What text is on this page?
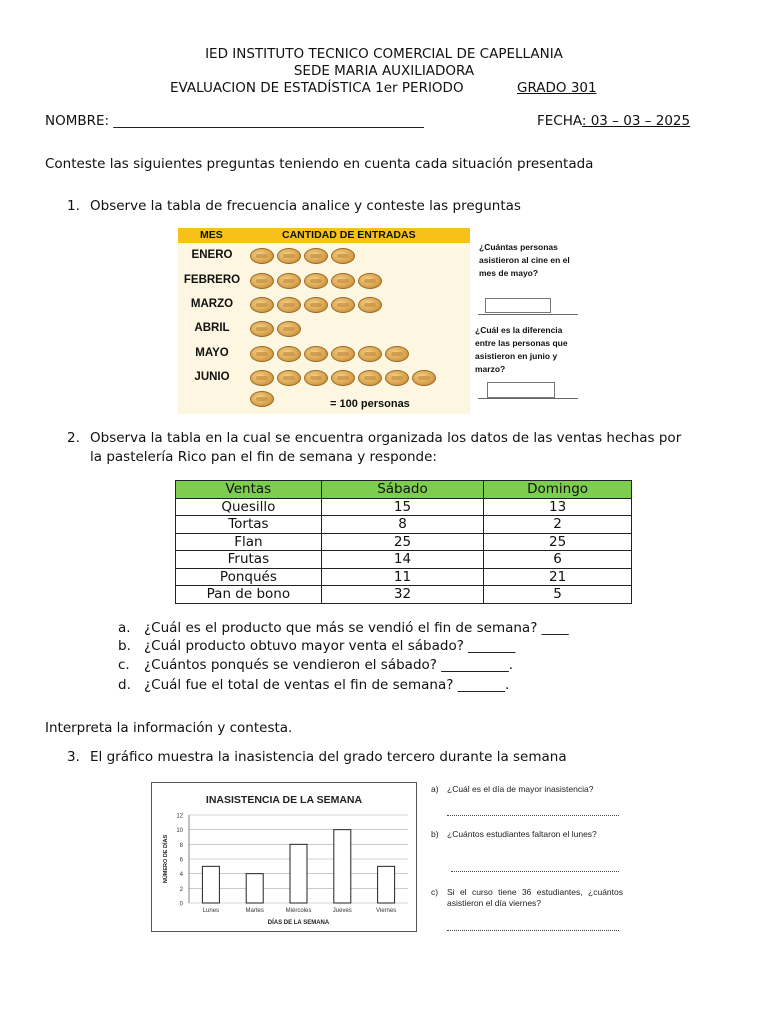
IED INSTITUTO TECNICO COMERCIAL DE CAPELLANIA
SEDE MARIA AUXILIADORA
EVALUACION DE ESTADÍSTICA 1er PERIODO	GRADO 301
NOMBRE: ______________________________________________	FECHA: 03 – 03 – 2025
Conteste las siguientes preguntas teniendo en cuenta cada situación presentada
1. Observe la tabla de frecuencia analice y conteste las preguntas
MES	CANTIDAD DE ENTRADAS
ENERO
FEBRERO
MARZO
ABRIL
MAYO
JUNIO
= 100 personas
¿Cuántas personas asistieron al cine en el mes de mayo?
¿Cuál es la diferencia entre las personas que asistieron en junio y marzo?
2. Observa la tabla en la cual se encuentra organizada los datos de las ventas hechas por
la pastelería Rico pan el fin de semana y responde:
Ventas	Sábado	Domingo
Quesillo	15	13
Tortas	8	2
Flan	25	25
Frutas	14	6
Ponqués	11	21
Pan de bono	32	5
a. ¿Cuál es el producto que más se vendió el fin de semana? ____
b. ¿Cuál producto obtuvo mayor venta el sábado? _______
c. ¿Cuántos ponqués se vendieron el sábado? __________.
d. ¿Cuál fue el total de ventas el fin de semana? _______.
Interpreta la información y contesta.
3. El gráfico muestra la inasistencia del grado tercero durante la semana
INASISTENCIA DE LA SEMANA
0
2
4
6
8
10
12
Lunes	Martes	Miércoles	Jueves	Viernes
DÍAS DE LA SEMANA
NÚMERO DE DÍAS
a) ¿Cuál es el día de mayor inasistencia?
b) ¿Cuántos estudiantes faltaron el lunes?
c) Si el curso tiene 36 estudiantes, ¿cuántos asistieron el día viernes?
